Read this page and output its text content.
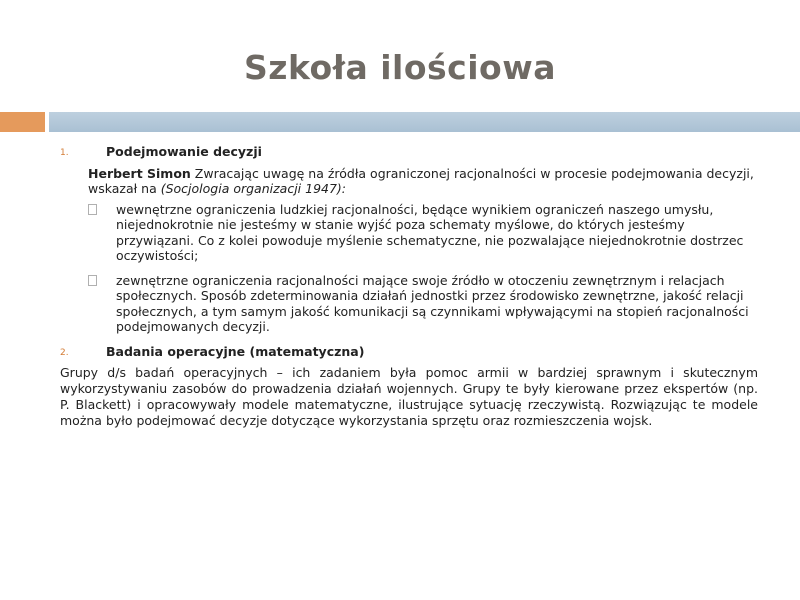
Szkoła ilościowa
1.	Podejmowanie decyzji
Herbert Simon Zwracając uwagę na źródła ograniczonej racjonalności w procesie podejmowania decyzji, wskazał na (Socjologia organizacji 1947):
wewnętrzne ograniczenia ludzkiej racjonalności, będące wynikiem ograniczeń naszego umysłu, niejednokrotnie nie jesteśmy w stanie wyjść poza schematy myślowe, do których jesteśmy przywiązani. Co z kolei powoduje myślenie schematyczne, nie pozwalające niejednokrotnie dostrzec oczywistości;
zewnętrzne ograniczenia racjonalności mające swoje źródło w otoczeniu zewnętrznym i relacjach społecznych. Sposób zdeterminowania działań jednostki przez środowisko zewnętrzne, jakość relacji społecznych, a tym samym jakość komunikacji są czynnikami wpływającymi na stopień racjonalności podejmowanych decyzji.
2.	Badania operacyjne (matematyczna)
Grupy d/s badań operacyjnych – ich zadaniem była pomoc armii w bardziej sprawnym i skutecznym wykorzystywaniu zasobów do prowadzenia działań wojennych. Grupy te były kierowane przez ekspertów (np. P. Blackett) i opracowywały modele matematyczne, ilustrujące sytuację rzeczywistą. Rozwiązując te modele można było podejmować decyzje dotyczące wykorzystania sprzętu oraz rozmieszczenia wojsk.
